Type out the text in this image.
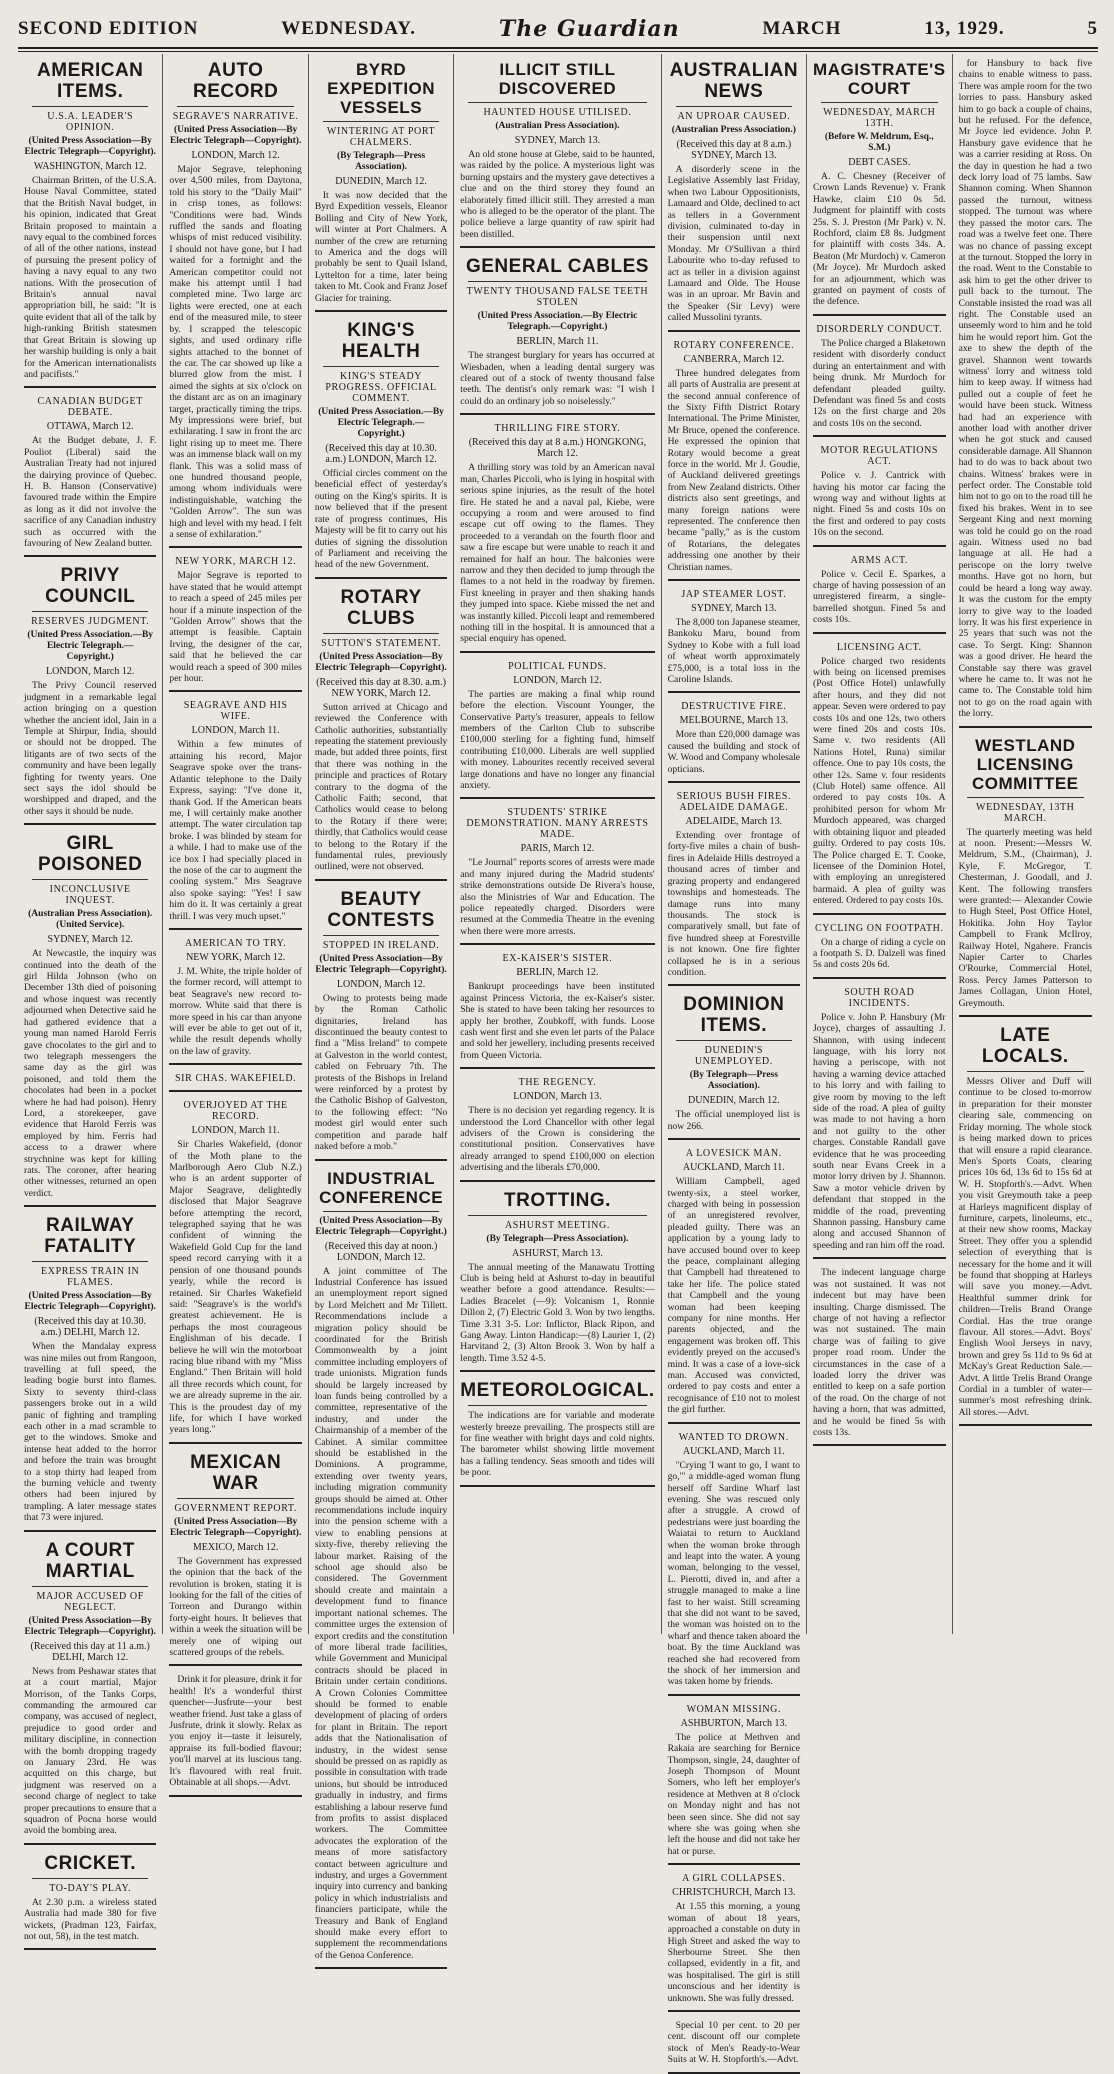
SECOND EDITION	WEDNESDAY.	The Guardian	MARCH	13, 1929.	5
AMERICAN ITEMS.
U.S.A. LEADER'S OPINION.
(United Press Association—By Electric Telegraph—Copyright).
WASHINGTON, March 12.

Chairman Britten, of the U.S.A. House Naval Committee, stated that the British Naval budget, in his opinion, indicated that Great Britain proposed to maintain a navy equal to the combined forces of all of the other nations, instead of pursuing the present policy of having a navy equal to any two nations. With the prosecution of Britain's annual naval appropriation bill, he said: "It is quite evident that all of the talk by high-ranking British statesmen that Great Britain is slowing up her warship building is only a bait for the American internationalists and pacifists."

CANADIAN BUDGET DEBATE.
OTTAWA, March 12.

At the Budget debate, J. F. Pouliot (Liberal) said the Australian Treaty had not injured the dairying province of Quebec. H. B. Hanson (Conservative) favoured trade within the Empire as long as it did not involve the sacrifice of any Canadian industry such as occurred with the favouring of New Zealand butter.

PRIVY COUNCIL
RESERVES JUDGMENT.
(United Press Association.—By Electric Telegraph.—Copyright.)
LONDON, March 12.

The Privy Council reserved judgment in a remarkable legal action bringing on a question whether the ancient idol, Jain in a Temple at Shirpur, India, should or should not be dropped. The litigants are of two sects of the community and have been legally fighting for twenty years. One sect says the idol should be worshipped and draped, and the other says it should be nude.

GIRL POISONED
INCONCLUSIVE INQUEST.
(Australian Press Association). (United Service).
SYDNEY, March 12.

At Newcastle, the inquiry was continued into the death of the girl Hilda Johnson (who on December 13th died of poisoning and whose inquest was recently adjourned when Detective said he had gathered evidence that a young man named Harold Ferris gave chocolates to the girl and to two telegraph messengers the same day as the girl was poisoned, and told them the chocolates had been in a pocket where he had had poison). Henry Lord, a storekeeper, gave evidence that Harold Ferris was employed by him. Ferris had access to a drawer where strychnine was kept for killing rats. The coroner, after hearing other witnesses, returned an open verdict.

RAILWAY FATALITY
EXPRESS TRAIN IN FLAMES.
(United Press Association—By Electric Telegraph—Copyright).
(Received this day at 10.30. a.m.) DELHI, March 12.

When the Mandalay express was nine miles out from Rangoon, travelling at full speed, the leading bogie burst into flames. Sixty to seventy third-class passengers broke out in a wild panic of fighting and trampling each other in a mad scramble to get to the windows. Smoke and intense heat added to the horror and before the train was brought to a stop thirty had leaped from the burning vehicle and twenty others had been injured by trampling. A later message states that 73 were injured.

A COURT MARTIAL
MAJOR ACCUSED OF NEGLECT.
(United Press Association—By Electric Telegraph—Copyright).
(Received this day at 11 a.m.) DELHI, March 12.

News from Peshawar states that at a court martial, Major Morrison, of the Tanks Corps, commanding the armoured car company, was accused of neglect, prejudice to good order and military discipline, in connection with the bomb dropping tragedy on January 23rd. He was acquitted on this charge, but judgment was reserved on a second charge of neglect to take proper precautions to ensure that a squadron of Pocna horse would avoid the bombing area.

CRICKET.
TO-DAY'S PLAY.

At 2.30 p.m. a wireless stated Australia had made 380 for five wickets, (Pradman 123, Fairfax, not out, 58), in the test match.

AUTO RECORD
SEGRAVE'S NARRATIVE.
(United Press Association—By Electric Telegraph—Copyright).
LONDON, March 12.

Major Segrave, telephoning over 4,500 miles, from Daytona, told his story to the "Daily Mail" in crisp tones, as follows: "Conditions were bad. Winds ruffled the sands and floating whisps of mist reduced visibility. I should not have gone, but I had waited for a fortnight and the American competitor could not make his attempt until I had completed mine. Two large arc lights were erected, one at each end of the measured mile, to steer by. I scrapped the telescopic sights, and used ordinary rifle sights attached to the bonnet of the car. The car showed up like a blurred glow from the mist. I aimed the sights at six o'clock on the distant arc as on an imaginary target, practically timing the trips. My impressions were brief, but exhilarating. I saw in front the arc light rising up to meet me. There was an immense black wall on my flank. This was a solid mass of one hundred thousand people, among whom individuals were indistinguishable, watching the "Golden Arrow". The sun was high and level with my head. I felt a sense of exhilaration."

NEW YORK, MARCH 12.

Major Segrave is reported to have stated that he would attempt to reach a speed of 245 miles per hour if a minute inspection of the "Golden Arrow" shows that the attempt is feasible. Captain Irving, the designer of the car, said that he believed the car would reach a speed of 300 miles per hour.

SEAGRAVE AND HIS WIFE.
LONDON, March 11.

Within a few minutes of attaining his record, Major Seagrave spoke over the trans-Atlantic telephone to the Daily Express, saying: "I've done it, thank God. If the American beats me, I will certainly make another attempt. The water circulation tap broke. I was blinded by steam for a while. I had to make use of the ice box I had specially placed in the nose of the car to augment the cooling system." Mrs Seagrave also spoke saying: "Yes! I saw him do it. It was certainly a great thrill. I was very much upset."

AMERICAN TO TRY.
NEW YORK, March 12.

J. M. White, the triple holder of the former record, will attempt to beat Seagrave's new record to-morrow. White said that there is more speed in his car than anyone will ever be able to get out of it, while the result depends wholly on the law of gravity.

SIR CHAS. WAKEFIELD.
OVERJOYED AT THE RECORD.
LONDON, March 11.

Sir Charles Wakefield, (donor of the Moth plane to the Marlborough Aero Club N.Z.) who is an ardent supporter of Major Seagrave, delightedly disclosed that Major Seagrave before attempting the record, telegraphed saying that he was confident of winning the Wakefield Gold Cup for the land speed record carrying with it a pension of one thousand pounds yearly, while the record is retained. Sir Charles Wakefield said: "Seagrave's is the world's greatest achievement. He is perhaps the most courageous Englishman of his decade. I believe he will win the motorboat racing blue riband with my "Miss England." Then Britain will hold all three records which count, for we are already supreme in the air. This is the proudest day of my life, for which I have worked years long."

MEXICAN WAR
GOVERNMENT REPORT.
(United Press Association—By Electric Telegraph—Copyright).
MEXICO, March 12.

The Government has expressed the opinion that the back of the revolution is broken, stating it is looking for the fall of the cities of Torreon and Durango within forty-eight hours. It believes that within a week the situation will be merely one of wiping out scattered groups of the rebels.

Drink it for pleasure, drink it for health! It's a wonderful thirst quencher—Jusfrute—your best weather friend. Just take a glass of Jusfrute, drink it slowly. Relax as you enjoy it—taste it leisurely, appraise its full-bodied flavour; you'll marvel at its luscious tang. It's flavoured with real fruit. Obtainable at all shops.—Advt.

BYRD EXPEDITION VESSELS
WINTERING AT PORT CHALMERS.
(By Telegraph—Press Association).
DUNEDIN, March 12.

It was now decided that the Byrd Expedition vessels, Eleanor Bolling and City of New York, will winter at Port Chalmers. A number of the crew are returning to America and the dogs will probably be sent to Quail Island, Lyttelton for a time, later being taken to Mt. Cook and Franz Josef Glacier for training.

KING'S HEALTH
KING'S STEADY PROGRESS. OFFICIAL COMMENT.
(United Press Association.—By Electric Telegraph.—Copyright.)
(Received this day at 10.30. a.m.) LONDON, March 12.

Official circles comment on the beneficial effect of yesterday's outing on the King's spirits. It is now believed that if the present rate of progress continues, His Majesty will be fit to carry out his duties of signing the dissolution of Parliament and receiving the head of the new Government.

ROTARY CLUBS
SUTTON'S STATEMENT.
(United Press Association—By Electric Telegraph—Copyright).
(Received this day at 8.30. a.m.) NEW YORK, March 12.

Sutton arrived at Chicago and reviewed the Conference with Catholic authorities, substantially repeating the statement previously made, but added three points, first that there was nothing in the principle and practices of Rotary contrary to the dogma of the Catholic Faith; second, that Catholics would cease to belong to the Rotary if there were; thirdly, that Catholics would cease to belong to the Rotary if the fundamental rules, previously outlined, were not observed.

BEAUTY CONTESTS
STOPPED IN IRELAND.
(United Press Association—By Electric Telegraph—Copyright).
LONDON, March 12.

Owing to protests being made by the Roman Catholic dignitaries, Ireland has discontinued the beauty contest to find a "Miss Ireland" to compete at Galveston in the world contest, cabled on February 7th. The protests of the Bishops in Ireland were reinforced by a protest by the Catholic Bishop of Galveston, to the following effect: "No modest girl would enter such competition and parade half naked before a mob."

INDUSTRIAL CONFERENCE
(United Press Association—By Electric Telegraph—Copyright.)
(Received this day at noon.) LONDON, March 12.

A joint committee of The Industrial Conference has issued an unemployment report signed by Lord Melchett and Mr Tillett. Recommendations include a migration policy should be coordinated for the British Commonwealth by a joint committee including employers of trade unionists. Migration funds should be largely increased by loan funds being controlled by a committee, representative of the industry, and under the Chairmanship of a member of the Cabinet. A similar committee should be established in the Dominions. A programme, extending over twenty years, including migration community groups should be aimed at. Other recommendations include inquiry into the pension scheme with a view to enabling pensions at sixty-five, thereby relieving the labour market. Raising of the school age should also be considered. The Government should create and maintain a development fund to finance important national schemes. The committee urges the extension of export credits and the constitution of more liberal trade facilities, while Government and Municipal contracts should be placed in Britain under certain conditions. A Crown Colonies Committee should be formed to enable development of placing of orders for plant in Britain. The report adds that the Nationalisation of industry, in the widest sense should be pressed on as rapidly as possible in consultation with trade unions, but should be introduced gradually in industry, and firms establishing a labour reserve fund from profits to assist displaced workers. The Committee advocates the exploration of the means of more satisfactory contact between agriculture and industry, and urges a Government inquiry into currency and banking policy in which industrialists and financiers participate, while the Treasury and Bank of England should make every effort to supplement the recommendations of the Genoa Conference.

ILLICIT STILL DISCOVERED
HAUNTED HOUSE UTILISED.
(Australian Press Association).
SYDNEY, March 13.

An old stone house at Glebe, said to be haunted, was raided by the police. A mysterious light was burning upstairs and the mystery gave detectives a clue and on the third storey they found an elaborately fitted illicit still. They arrested a man who is alleged to be the operator of the plant. The police believe a large quantity of raw spirit had been distilled.

GENERAL CABLES
TWENTY THOUSAND FALSE TEETH STOLEN
(United Press Association.—By Electric Telegraph.—Copyright.)
BERLIN, March 11.

The strangest burglary for years has occurred at Wiesbaden, when a leading dental surgery was cleared out of a stock of twenty thousand false teeth. The dentist's only remark was: "I wish I could do an ordinary job so noiselessly."

THRILLING FIRE STORY.
(Received this day at 8 a.m.) HONGKONG, March 12.

A thrilling story was told by an American naval man, Charles Piccoli, who is lying in hospital with serious spine injuries, as the result of the hotel fire. He stated he and a naval pal, Kiebe, were occupying a room and were aroused to find escape cut off owing to the flames. They proceeded to a verandah on the fourth floor and saw a fire escape but were unable to reach it and remained for half an hour. The balconies were narrow and they then decided to jump through the flames to a not held in the roadway by firemen. First kneeling in prayer and then shaking hands they jumped into space. Kiebe missed the net and was instantly killed. Piccoli leapt and remembered nothing till in the hospital. It is announced that a special enquiry has opened.

POLITICAL FUNDS.
LONDON, March 12.

The parties are making a final whip round before the election. Viscount Younger, the Conservative Party's treasurer, appeals to fellow members of the Carlton Club to subscribe £100,000 sterling for a fighting fund, himself contributing £10,000. Liberals are well supplied with money. Labourites recently received several large donations and have no longer any financial anxiety.

STUDENTS' STRIKE DEMONSTRATION. MANY ARRESTS MADE.
PARIS, March 12.

"Le Journal" reports scores of arrests were made and many injured during the Madrid students' strike demonstrations outside De Rivera's house, also the Ministries of War and Education. The police repeatedly charged. Disorders were resumed at the Commedia Theatre in the evening when there were more arrests.

EX-KAISER'S SISTER.
BERLIN, March 12.

Bankrupt proceedings have been instituted against Princess Victoria, the ex-Kaiser's sister. She is stated to have been taking her resources to apply her brother, Zoubkoff, with funds. Loose cash went first and she even let parts of the Palace and sold her jewellery, including presents received from Queen Victoria.

THE REGENCY.
LONDON, March 13.

There is no decision yet regarding regency. It is understood the Lord Chancellor with other legal advisers of the Crown is considering the constitutional position. Conservatives have already arranged to spend £100,000 on election advertising and the liberals £70,000.

TROTTING.
ASHURST MEETING.
(By Telegraph—Press Association).
ASHURST, March 13.

The annual meeting of the Manawatu Trotting Club is being held at Ashurst to-day in beautiful weather before a good attendance. Results:— Ladies Bracelet (—9): Volcanism 1, Ronnie Dillon 2, (7) Electric Gold 3. Won by two lengths. Time 3.31 3-5. Lor: Inflictor, Black Ripon, and Gang Away. Linton Handicap:—(8) Laurier 1, (2) Harvitand 2, (3) Alton Brook 3. Won by half a length. Time 3.52 4-5.

METEOROLOGICAL.

The indications are for variable and moderate westerly breeze prevailing. The prospects still are for fine weather with bright days and cold nights. The barometer whilst showing little movement has a falling tendency. Seas smooth and tides will be poor.

AUSTRALIAN NEWS
AN UPROAR CAUSED.
(Australian Press Association.)
(Received this day at 8 a.m.) SYDNEY, March 13.

A disorderly scene in the Legislative Assembly last Friday, when two Labour Oppositionists, Lamaard and Olde, declined to act as tellers in a Government division, culminated to-day in their suspension until next Monday. Mr O'Sullivan a third Labourite who to-day refused to act as teller in a division against Lamaard and Olde. The House was in an uproar. Mr Bavin and the Speaker (Sir Levy) were called Mussolini tyrants.

ROTARY CONFERENCE.
CANBERRA, March 12.

Three hundred delegates from all parts of Australia are present at the second annual conference of the Sixty Fifth District Rotary International. The Prime Minister, Mr Bruce, opened the conference. He expressed the opinion that Rotary would become a great force in the world. Mr J. Goudie, of Auckland delivered greetings from New Zealand districts. Other districts also sent greetings, and many foreign nations were represented. The conference then became "pally," as is the custom of Rotarians, the delegates addressing one another by their Christian names.

JAP STEAMER LOST.
SYDNEY, March 13.

The 8,000 ton Japanese steamer, Bankoku Maru, bound from Sydney to Kobe with a full load of wheat worth approximately £75,000, is a total loss in the Caroline Islands.

DESTRUCTIVE FIRE.
MELBOURNE, March 13.

More than £20,000 damage was caused the building and stock of W. Wood and Company wholesale opticians.

SERIOUS BUSH FIRES. ADELAIDE DAMAGE.
ADELAIDE, March 13.

Extending over frontage of forty-five miles a chain of bush-fires in Adelaide Hills destroyed a thousand acres of timber and grazing property and endangered townships and homesteads. The damage runs into many thousands. The stock is comparatively small, but fate of five hundred sheep at Forestville is not known. One fire fighter collapsed he is in a serious condition.

DOMINION ITEMS.
DUNEDIN'S UNEMPLOYED.
(By Telegraph—Press Association).
DUNEDIN, March 12.

The official unemployed list is now 266.

A LOVESICK MAN.
AUCKLAND, March 11.

William Campbell, aged twenty-six, a steel worker, charged with being in possession of an unregistered revolver, pleaded guilty. There was an application by a young lady to have accused bound over to keep the peace, complainant alleging that Campbell had threatened to take her life. The police stated that Campbell and the young woman had been keeping company for nine months. Her parents objected, and the engagement was broken off. This evidently preyed on the accused's mind. It was a case of a love-sick man. Accused was convicted, ordered to pay costs and enter a recognisance of £10 not to molest the girl further.

WANTED TO DROWN.
AUCKLAND, March 11.

"Crying 'I want to go, I want to go,'" a middle-aged woman flung herself off Sardine Wharf last evening. She was rescued only after a struggle. A crowd of pedestrians were just boarding the Waiatai to return to Auckland when the woman broke through and leapt into the water. A young woman, belonging to the vessel, L. Pierotti, dived in, and after a struggle managed to make a line fast to her waist. Still screaming that she did not want to be saved, the woman was hoisted on to the wharf and thence taken aboard the boat. By the time Auckland was reached she had recovered from the shock of her immersion and was taken home by friends.

WOMAN MISSING.
ASHBURTON, March 13.

The police at Methven and Rakaia are searching for Bernice Thompson, single, 24, daughter of Joseph Thompson of Mount Somers, who left her employer's residence at Methven at 8 o'clock on Monday night and has not been seen since. She did not say where she was going when she left the house and did not take her hat or purse.

A GIRL COLLAPSES.
CHRISTCHURCH, March 13.

At 1.55 this morning, a young woman of about 18 years, approached a constable on duty in High Street and asked the way to Sherbourne Street. She then collapsed, evidently in a fit, and was hospitalised. The girl is still unconscious and her identity is unknown. She was fully dressed.

Special 10 per cent. to 20 per cent. discount off our complete stock of Men's Ready-to-Wear Suits at W. H. Stopforth's.—Advt.

MAGISTRATE'S COURT
WEDNESDAY, MARCH 13TH.
(Before W. Meldrum, Esq., S.M.)
DEBT CASES.

A. C. Chesney (Receiver of Crown Lands Revenue) v. Frank Hawke, claim £10 0s 5d. Judgment for plaintiff with costs 25s. S. J. Preston (Mr Park) v. N. Rochford, claim £8 8s. Judgment for plaintiff with costs 34s. A. Beaton (Mr Murdoch) v. Cameron (Mr Joyce). Mr Murdoch asked for an adjournment, which was granted on payment of costs of the defence.

DISORDERLY CONDUCT.

The Police charged a Blaketown resident with disorderly conduct during an entertainment and with being drunk. Mr Murdoch for defendant pleaded guilty. Defendant was fined 5s and costs 12s on the first charge and 20s and costs 10s on the second.

MOTOR REGULATIONS ACT.

Police v. J. Cantrick with having his motor car facing the wrong way and without lights at night. Fined 5s and costs 10s on the first and ordered to pay costs 10s on the second.

ARMS ACT.

Police v. Cecil E. Sparkes, a charge of having possession of an unregistered firearm, a single-barrelled shotgun. Fined 5s and costs 10s.

LICENSING ACT.

Police charged two residents with being on licensed premises (Post Office Hotel) unlawfully after hours, and they did not appear. Seven were ordered to pay costs 10s and one 12s, two others were fined 20s and costs 10s. Same v. two residents (All Nations Hotel, Runa) similar offence. One to pay 10s costs, the other 12s. Same v. four residents (Club Hotel) same offence. All ordered to pay costs 10s. A prohibited person for whom Mr Murdoch appeared, was charged with obtaining liquor and pleaded guilty. Ordered to pay costs 10s. The Police charged E. T. Cooke, licensee of the Dominion Hotel, with employing an unregistered barmaid. A plea of guilty was entered. Ordered to pay costs 10s.

CYCLING ON FOOTPATH.

On a charge of riding a cycle on a footpath S. D. Dalzell was fined 5s and costs 20s 6d.

SOUTH ROAD INCIDENTS.

Police v. John P. Hansbury (Mr Joyce), charges of assaulting J. Shannon, with using indecent language, with his lorry not having a periscope, with not having a warning device attached to his lorry and with failing to give room by moving to the left side of the road. A plea of guilty was made to not having a horn and not guilty to the other charges. Constable Randall gave evidence that he was proceeding south near Evans Creek in a motor lorry driven by J. Shannon. Saw a motor vehicle driven by defendant that stopped in the middle of the road, preventing Shannon passing. Hansbury came along and accused Shannon of speeding and ran him off the road.

The indecent language charge was not sustained. It was not indecent but may have been insulting. Charge dismissed. The charge of not having a reflector was not sustained. The main charge was of failing to give proper road room. Under the circumstances in the case of a loaded lorry the driver was entitled to keep on a safe portion of the road. On the charge of not having a horn, that was admitted, and he would be fined 5s with costs 13s.

for Hansbury to back five chains to enable witness to pass. There was ample room for the two lorries to pass. Hansbury asked him to go back a couple of chains, but he refused. For the defence, Mr Joyce led evidence. John P. Hansbury gave evidence that he was a carrier residing at Ross. On the day in question he had a two deck lorry load of 75 lambs. Saw Shannon coming. When Shannon passed the turnout, witness stopped. The turnout was where they passed the motor cars. The road was a twelve feet one. There was no chance of passing except at the turnout. Stopped the lorry in the road. Went to the Constable to ask him to get the other driver to pull back to the turnout. The Constable insisted the road was all right. The Constable used an unseemly word to him and he told him he would report him. Got the axe to shew the depth of the gravel. Shannon went towards witness' lorry and witness told him to keep away. If witness had pulled out a couple of feet he would have been stuck. Witness had had an experience with another load with another driver when he got stuck and caused considerable damage. All Shannon had to do was to back about two chains. Witness' brakes were in perfect order. The Constable told him not to go on to the road till he fixed his brakes. Went in to see Sergeant King and next morning was told he could go on the road again. Witness used no bad language at all. He had a periscope on the lorry twelve months. Have got no horn, but could be heard a long way away. It was the custom for the empty lorry to give way to the loaded lorry. It was his first experience in 25 years that such was not the case. To Sergt. King: Shannon was a good driver. He heard the Constable say there was gravel where he came to. It was not he came to. The Constable told him not to go on the road again with the lorry.

WESTLAND LICENSING COMMITTEE
WEDNESDAY, 13TH MARCH.

The quarterly meeting was held at noon. Present:—Messrs W. Meldrum, S.M., (Chairman), J. Kyle, F. McGregor, T. Chesterman, J. Goodall, and J. Kent. The following transfers were granted:— Alexander Cowie to Hugh Steel, Post Office Hotel, Hokitika. John Hoy Taylor Campbell to Frank McIlroy, Railway Hotel, Ngahere. Francis Napier Carter to Charles O'Rourke, Commercial Hotel, Ross. Percy James Patterson to James Collagan, Union Hotel, Greymouth.

LATE LOCALS.

Messrs Oliver and Duff will continue to be closed to-morrow in preparation for their monster clearing sale, commencing on Friday morning. The whole stock is being marked down to prices that will ensure a rapid clearance. Men's Sports Coats, clearing prices 10s 6d, 13s 6d to 15s 6d at W. H. Stopforth's.—Advt. When you visit Greymouth take a peep at Harleys magnificent display of furniture, carpets, linoleums, etc., at their new show rooms, Mackay Street. They offer you a splendid selection of everything that is necessary for the home and it will be found that shopping at Harleys will save you money.—Advt. Healthful summer drink for children—Trelis Brand Orange Cordial. Has the true orange flavour. All stores.—Advt. Boys' English Wool Jerseys in navy, brown and grey 5s 11d to 9s 6d at McKay's Great Reduction Sale.—Advt. A little Trelis Brand Orange Cordial in a tumbler of water—summer's most refreshing drink. All stores.—Advt.
